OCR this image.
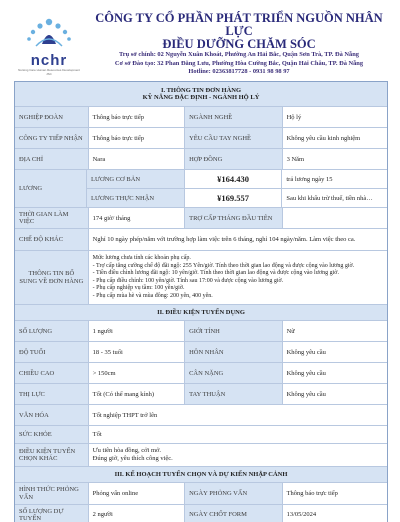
nchr
Nursing Care Human Resources Development JSC
CÔNG TY CỔ PHẦN PHÁT TRIỂN NGUỒN NHÂN LỰC
ĐIỀU DƯỠNG CHĂM SÓC
Trụ sở chính: 02 Nguyễn Xuân Khoát, Phường An Hải Bắc, Quận Sơn Trà, TP. Đà Nẵng
Cơ sở Đào tạo: 32 Phan Đăng Lưu, Phường Hòa Cường Bắc, Quận Hải Châu, TP. Đà Nẵng
Hotline: 02363817728 - 0931 98 98 97
I. THÔNG TIN ĐƠN HÀNG
KỸ NĂNG ĐẶC ĐỊNH - NGÀNH HỘ LÝ
NGHIỆP ĐOÀN	Thông báo trực tiếp	NGÀNH NGHỀ	Hộ lý
CÔNG TY TIẾP NHẬN	Thông báo trực tiếp	YÊU CẦU TAY NGHỀ	Không yêu cầu kinh nghiệm
ĐỊA CHỈ	Nara	HỢP ĐỒNG	3 Năm
LƯƠNG
LƯƠNG CƠ BẢN	¥164.430	trả lương ngày 15
LƯƠNG THỰC NHẬN	¥169.557	Sau khi khấu trừ thuế, tiền nhà…
THỜI GIAN LÀM VIỆC	174 giờ/ tháng	TRỢ CẤP THÁNG ĐẦU TIÊN
CHẾ ĐỘ KHÁC	Nghỉ 10 ngày phép/năm với trường hợp làm việc trên 6 tháng, nghỉ 104 ngày/năm. Làm việc theo ca.
THÔNG TIN BỔ SUNG VỀ ĐƠN HÀNG
Mức lương chưa tính các khoản phụ cấp.
- Trợ cấp tăng cường chế độ đãi ngộ: 255 Yên/giờ. Tính theo thời gian lao động và được cộng vào lương giờ.
- Tiền điều chỉnh lương đãi ngộ: 10 yên/giờ. Tính theo thời gian lao động và được cộng vào lương giờ.
- Phụ cấp điều chỉnh: 100 yên/giờ. Tính sau 17:00 và được cộng vào lương giờ.
- Phụ cấp nghiệp vụ tầm: 100 yên/giờ.
- Phụ cấp mùa hè và mùa đông: 200 yên, 400 yên.
II. ĐIỀU KIỆN TUYỂN DỤNG
SỐ LƯỢNG	1 người	GIỚI TÍNH	Nữ
ĐỘ TUỔI	18 - 35 tuổi	HÔN NHÂN	Không yêu cầu
CHIỀU CAO	> 150cm	CÂN NẶNG	Không yêu cầu
THỊ LỰC	Tốt (Có thể mang kính)	TAY THUẬN	Không yêu cầu
VĂN HÓA	Tốt nghiệp THPT trở lên
SỨC KHỎE	Tốt
ĐIỀU KIỆN TUYỂN CHỌN KHÁC
Ưu tiên hòa đồng, cởi mở.
Đúng giờ, yêu thích công việc.
III. KẾ HOẠCH TUYỂN CHỌN VÀ DỰ KIẾN NHẬP CẢNH
HÌNH THỨC PHỎNG VẤN	Phỏng vấn online	NGÀY PHỎNG VẤN	Thông báo trực tiếp
SỐ LƯỢNG DỰ TUYỂN	2 người	NGÀY CHỐT FORM	13/05/2024
